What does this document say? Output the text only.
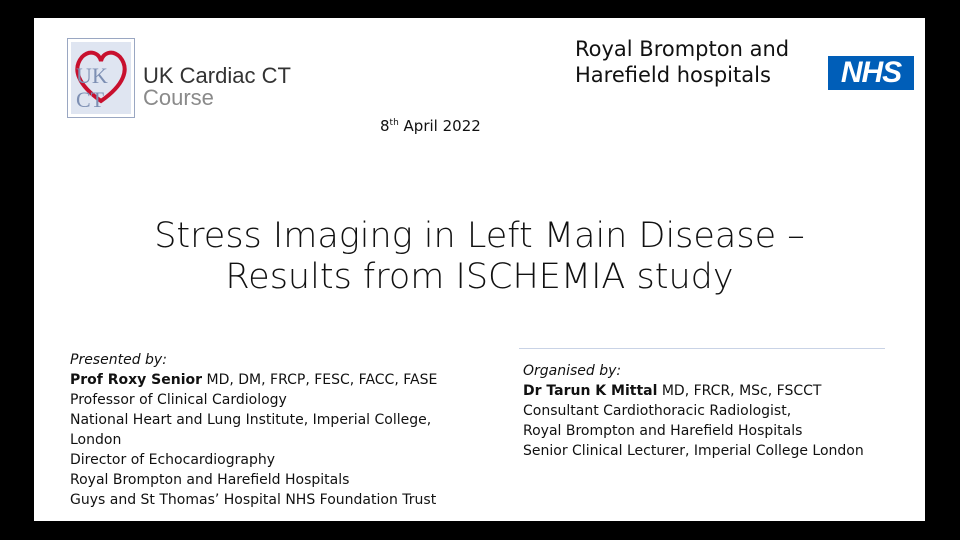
UK
CT
UK Cardiac CT
Course
Royal Brompton and
Harefield hospitals	NHS
8th April 2022
Stress Imaging in Left Main Disease –
Results from ISCHEMIA study
Presented by:
Prof Roxy Senior MD, DM, FRCP, FESC, FACC, FASE
Professor of Clinical Cardiology
National Heart and Lung Institute, Imperial College,
London
Director of Echocardiography
Royal Brompton and Harefield Hospitals
Guys and St Thomas’ Hospital NHS Foundation Trust
Organised by:
Dr Tarun K Mittal MD, FRCR, MSc, FSCCT
Consultant Cardiothoracic Radiologist,
Royal Brompton and Harefield Hospitals
Senior Clinical Lecturer, Imperial College London
